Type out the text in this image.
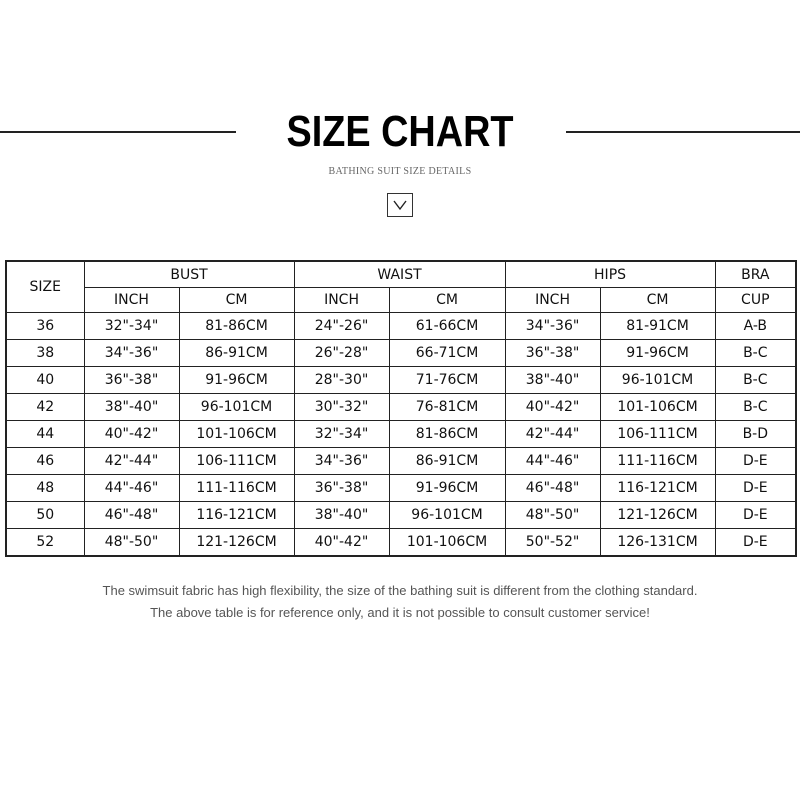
SIZE CHART
BATHING SUIT SIZE DETAILS
SIZE	BUST		WAIST		HIPS		BRA
	INCH	CM	INCH	CM	INCH	CM	CUP
36	32"-34"	81-86CM	24"-26"	61-66CM	34"-36"	81-91CM	A-B
38	34"-36"	86-91CM	26"-28"	66-71CM	36"-38"	91-96CM	B-C
40	36"-38"	91-96CM	28"-30"	71-76CM	38"-40"	96-101CM	B-C
42	38"-40"	96-101CM	30"-32"	76-81CM	40"-42"	101-106CM	B-C
44	40"-42"	101-106CM	32"-34"	81-86CM	42"-44"	106-111CM	B-D
46	42"-44"	106-111CM	34"-36"	86-91CM	44"-46"	111-116CM	D-E
48	44"-46"	111-116CM	36"-38"	91-96CM	46"-48"	116-121CM	D-E
50	46"-48"	116-121CM	38"-40"	96-101CM	48"-50"	121-126CM	D-E
52	48"-50"	121-126CM	40"-42"	101-106CM	50"-52"	126-131CM	D-E
The swimsuit fabric has high flexibility, the size of the bathing suit is different from the clothing standard.
The above table is for reference only, and it is not possible to consult customer service!
